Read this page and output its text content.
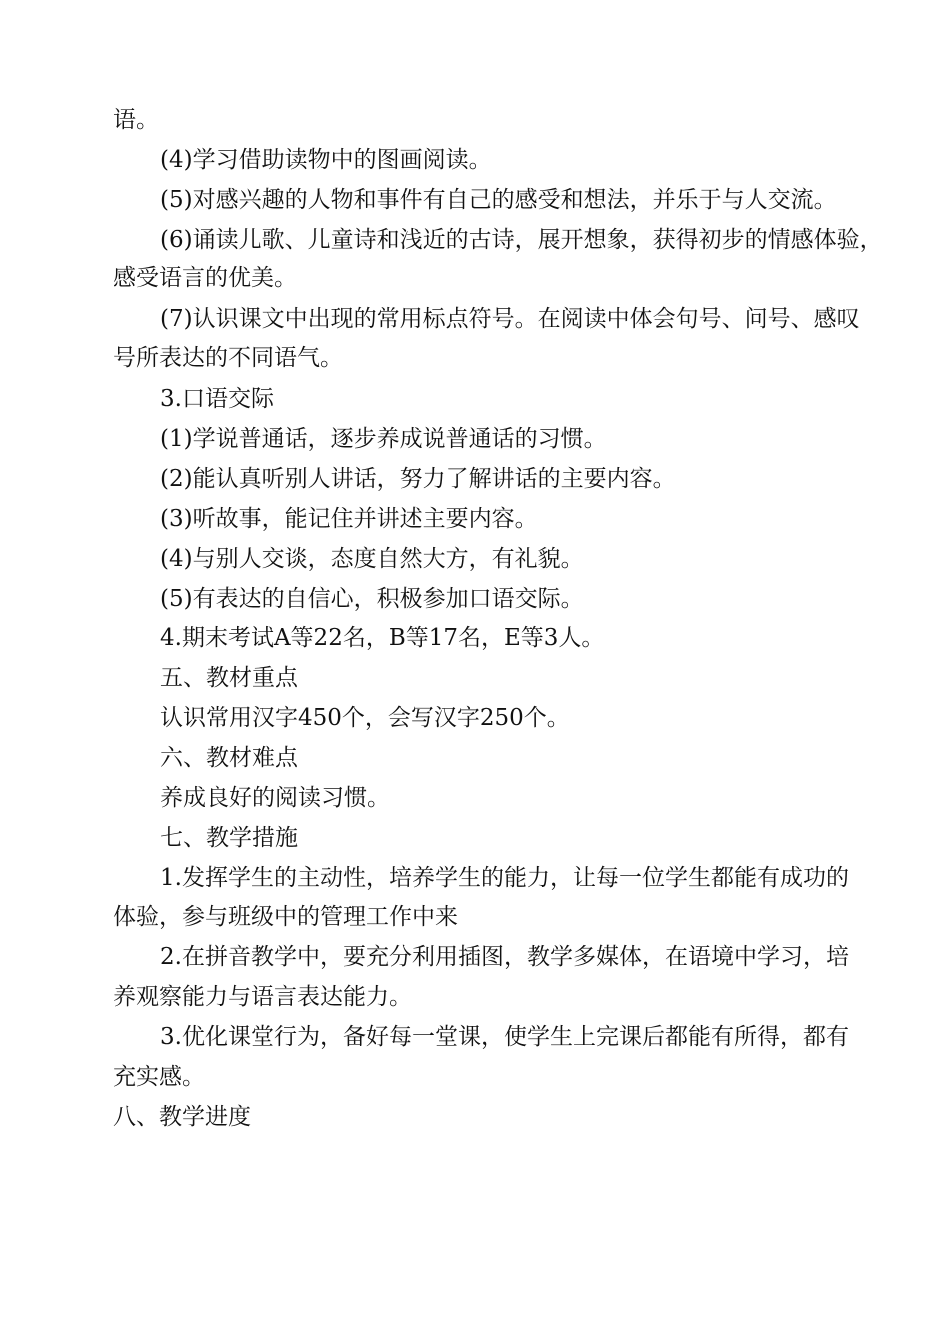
语。
(4)学习借助读物中的图画阅读。
(5)对感兴趣的人物和事件有自己的感受和想法，并乐于与人交流。
(6)诵读儿歌、儿童诗和浅近的古诗，展开想象，获得初步的情感体验，
感受语言的优美。
(7)认识课文中出现的常用标点符号。在阅读中体会句号、问号、感叹
号所表达的不同语气。
3.口语交际
(1)学说普通话，逐步养成说普通话的习惯。
(2)能认真听别人讲话，努力了解讲话的主要内容。
(3)听故事，能记住并讲述主要内容。
(4)与别人交谈，态度自然大方，有礼貌。
(5)有表达的自信心，积极参加口语交际。
4.期末考试A等22名，B等17名，E等3人。
五、教材重点
认识常用汉字450个，会写汉字250个。
六、教材难点
养成良好的阅读习惯。
七、教学措施
1.发挥学生的主动性，培养学生的能力，让每一位学生都能有成功的
体验，参与班级中的管理工作中来
2.在拼音教学中，要充分利用插图，教学多媒体，在语境中学习，培
养观察能力与语言表达能力。
3.优化课堂行为，备好每一堂课，使学生上完课后都能有所得，都有
充实感。
八、教学进度
